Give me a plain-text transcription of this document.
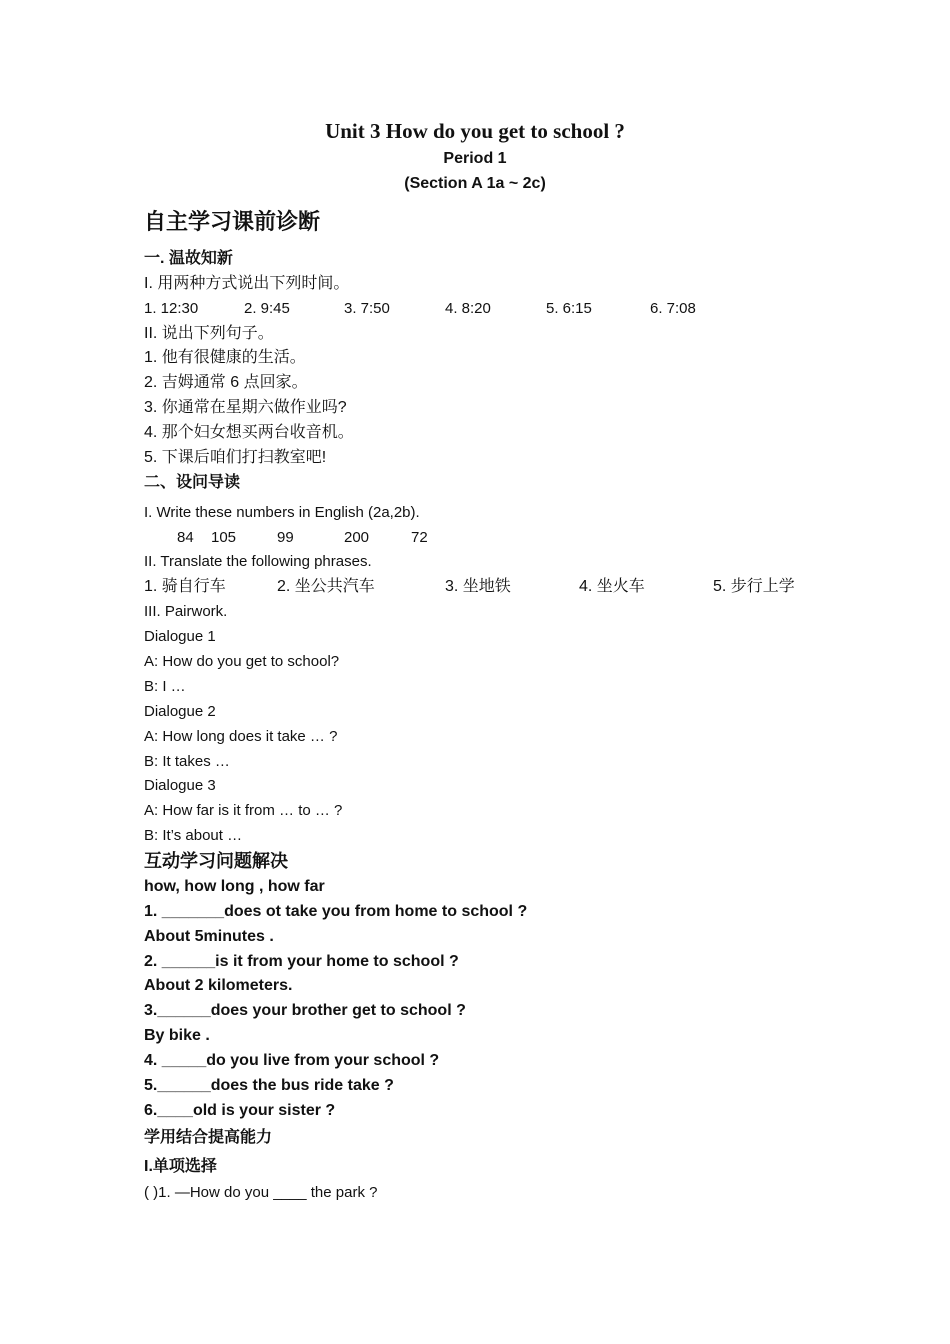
Unit 3 How do you get to school ?
Period 1
(Section A 1a ~ 2c)
自主学习课前诊断
一. 温故知新
I. 用两种方式说出下列时间。
1. 12:30	2. 9:45	3. 7:50	4. 8:20	5. 6:15	6. 7:08
II. 说出下列句子。
1. 他有很健康的生活。
2. 吉姆通常 6 点回家。
3. 你通常在星期六做作业吗?
4. 那个妇女想买两台收音机。
5. 下课后咱们打扫教室吧!
二、设问导读
I. Write these numbers in English (2a,2b).
84 105	99	200	72
II. Translate the following phrases.
1. 骑自行车	2. 坐公共汽车	3. 坐地铁	4. 坐火车	5. 步行上学
III. Pairwork.
Dialogue 1
A: How do you get to school?
B: I …
Dialogue 2
A: How long does it take … ?
B: It takes …
Dialogue 3
A: How far is it from … to … ?
B: It’s about …
互动学习问题解决
how, how long , how far
1. _______does ot take you from home to school ?
About 5minutes .
2. ______is it from your home to school ?
About 2 kilometers.
3.______does your brother get to school ?
By bike .
4. _____do you live from your school ?
5.______does the bus ride take ?
6.____old is your sister ?
学用结合提高能力
I.单项选择
( )1. —How do you ____ the park ?
